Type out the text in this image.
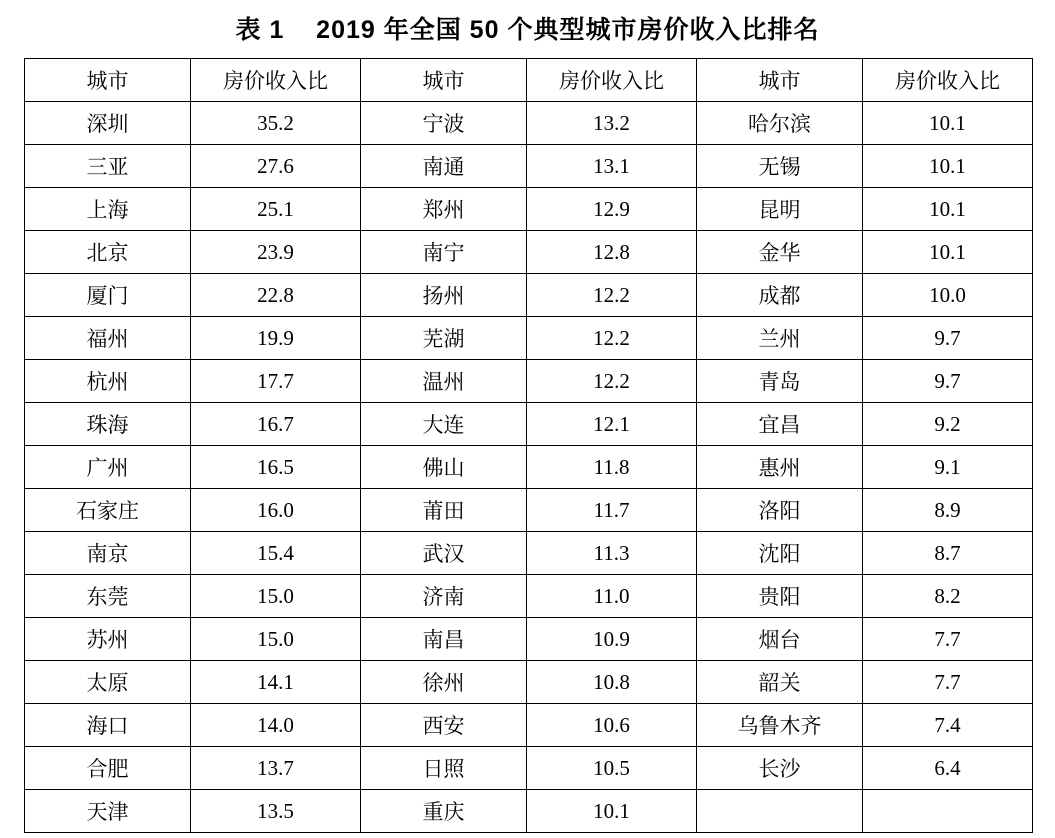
表 1    2019 年全国 50 个典型城市房价收入比排名
城市	房价收入比	城市	房价收入比	城市	房价收入比
深圳	35.2	宁波	13.2	哈尔滨	10.1
三亚	27.6	南通	13.1	无锡	10.1
上海	25.1	郑州	12.9	昆明	10.1
北京	23.9	南宁	12.8	金华	10.1
厦门	22.8	扬州	12.2	成都	10.0
福州	19.9	芜湖	12.2	兰州	9.7
杭州	17.7	温州	12.2	青岛	9.7
珠海	16.7	大连	12.1	宜昌	9.2
广州	16.5	佛山	11.8	惠州	9.1
石家庄	16.0	莆田	11.7	洛阳	8.9
南京	15.4	武汉	11.3	沈阳	8.7
东莞	15.0	济南	11.0	贵阳	8.2
苏州	15.0	南昌	10.9	烟台	7.7
太原	14.1	徐州	10.8	韶关	7.7
海口	14.0	西安	10.6	乌鲁木齐	7.4
合肥	13.7	日照	10.5	长沙	6.4
天津	13.5	重庆	10.1		
